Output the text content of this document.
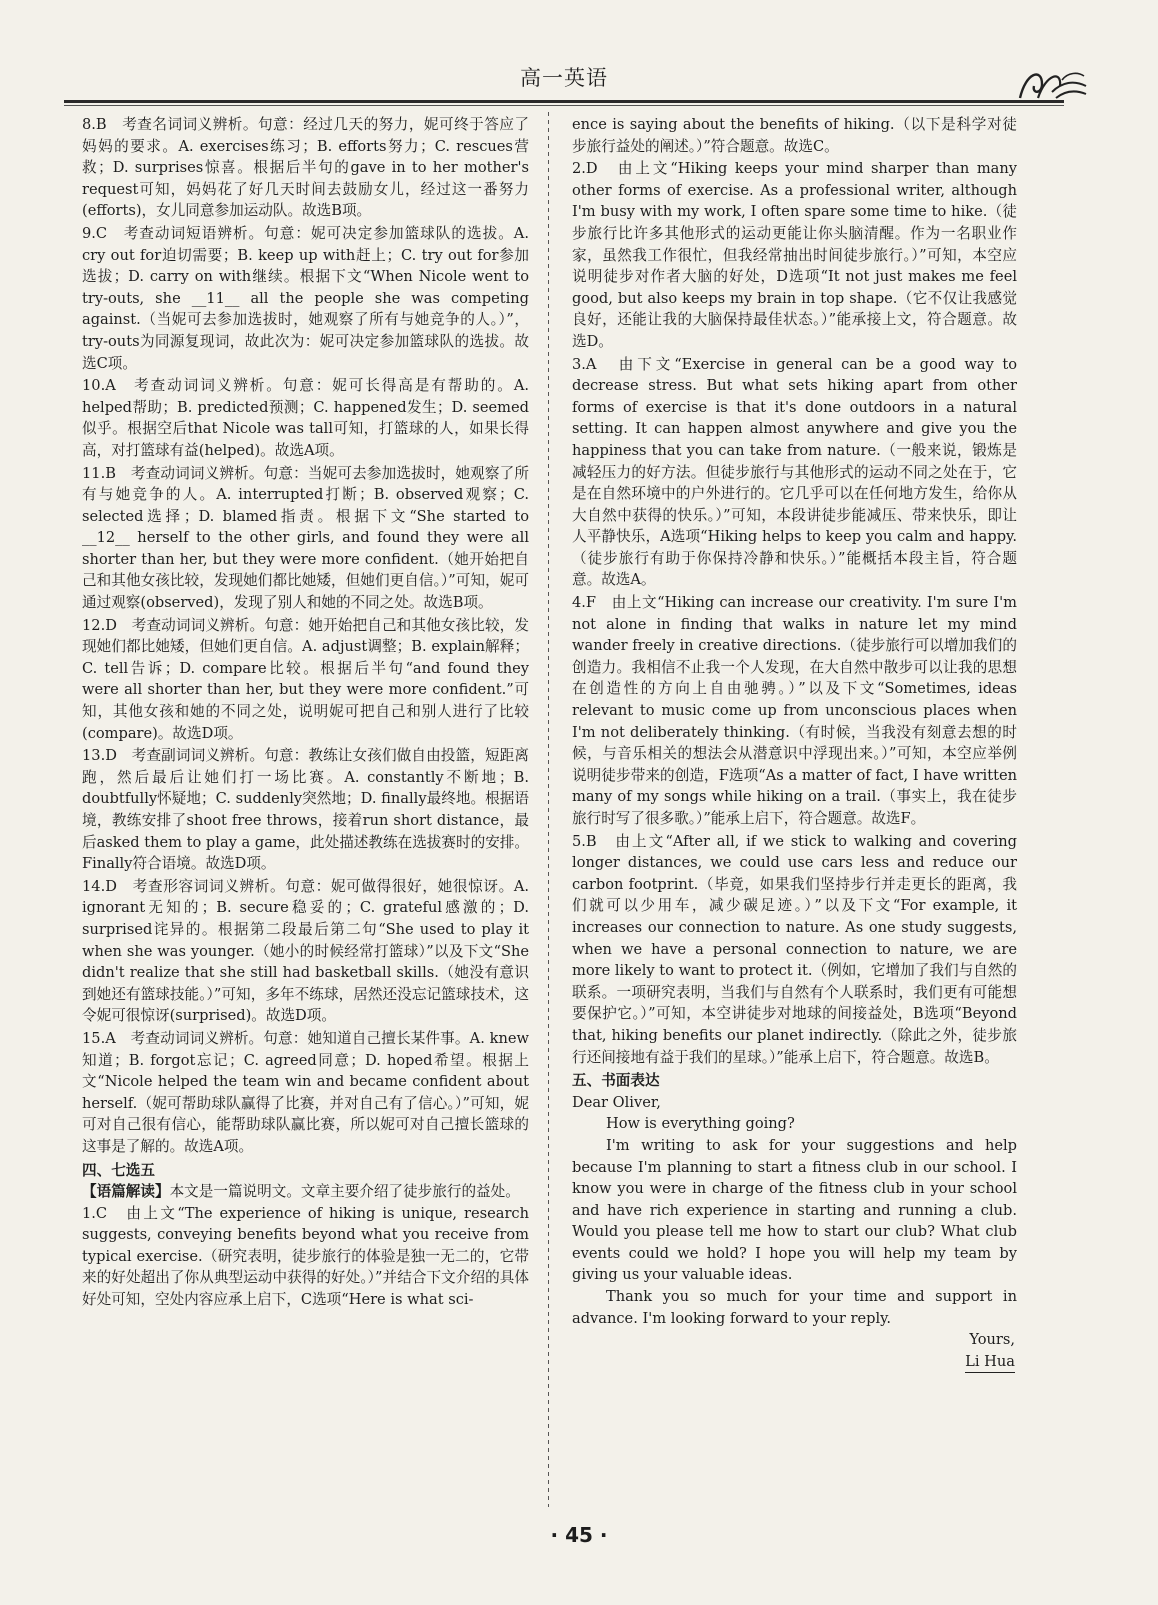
高一英语
8.B　考查名词词义辨析。句意：经过几天的努力，妮可终于答应了妈妈的要求。A. exercises练习；B. efforts努力；C. rescues营救；D. surprises惊喜。根据后半句的gave in to her mother's request可知，妈妈花了好几天时间去鼓励女儿，经过这一番努力(efforts)，女儿同意参加运动队。故选B项。
9.C　考查动词短语辨析。句意：妮可决定参加篮球队的选拔。A. cry out for迫切需要；B. keep up with赶上；C. try out for参加选拔；D. carry on with继续。根据下文“When Nicole went to try-outs, she __11__ all the people she was competing against.（当妮可去参加选拔时，她观察了所有与她竞争的人。）”，try-outs为同源复现词，故此次为：妮可决定参加篮球队的选拔。故选C项。
10.A　考查动词词义辨析。句意：妮可长得高是有帮助的。A. helped帮助；B. predicted预测；C. happened发生；D. seemed似乎。根据空后that Nicole was tall可知，打篮球的人，如果长得高，对打篮球有益(helped)。故选A项。
11.B　考查动词词义辨析。句意：当妮可去参加选拔时，她观察了所有与她竞争的人。A. interrupted打断；B. observed观察；C. selected选择；D. blamed指责。根据下文“She started to __12__ herself to the other girls, and found they were all shorter than her, but they were more confident.（她开始把自己和其他女孩比较，发现她们都比她矮，但她们更自信。）”可知，妮可通过观察(observed)，发现了别人和她的不同之处。故选B项。
12.D　考查动词词义辨析。句意：她开始把自己和其他女孩比较，发现她们都比她矮，但她们更自信。A. adjust调整；B. explain解释；C. tell告诉；D. compare比较。根据后半句“and found they were all shorter than her, but they were more confident.”可知，其他女孩和她的不同之处，说明妮可把自己和别人进行了比较(compare)。故选D项。
13.D　考查副词词义辨析。句意：教练让女孩们做自由投篮，短距离跑，然后最后让她们打一场比赛。A. constantly不断地；B. doubtfully怀疑地；C. suddenly突然地；D. finally最终地。根据语境，教练安排了shoot free throws，接着run short distance，最后asked them to play a game，此处描述教练在选拔赛时的安排。Finally符合语境。故选D项。
14.D　考查形容词词义辨析。句意：妮可做得很好，她很惊讶。A. ignorant无知的；B. secure稳妥的；C. grateful感激的；D. surprised诧异的。根据第二段最后第二句“She used to play it when she was younger.（她小的时候经常打篮球）”以及下文“She didn't realize that she still had basketball skills.（她没有意识到她还有篮球技能。）”可知，多年不练球，居然还没忘记篮球技术，这令妮可很惊讶(surprised)。故选D项。
15.A　考查动词词义辨析。句意：她知道自己擅长某件事。A. knew知道；B. forgot忘记；C. agreed同意；D. hoped希望。根据上文“Nicole helped the team win and became confident about herself.（妮可帮助球队赢得了比赛，并对自己有了信心。）”可知，妮可对自己很有信心，能帮助球队赢比赛，所以妮可对自己擅长篮球的这事是了解的。故选A项。
四、七选五
【语篇解读】本文是一篇说明文。文章主要介绍了徒步旅行的益处。
1.C　由上文“The experience of hiking is unique, research suggests, conveying benefits beyond what you receive from typical exercise.（研究表明，徒步旅行的体验是独一无二的，它带来的好处超出了你从典型运动中获得的好处。）”并结合下文介绍的具体好处可知，空处内容应承上启下，C选项“Here is what sci-
ence is saying about the benefits of hiking.（以下是科学对徒步旅行益处的阐述。）”符合题意。故选C。
2.D　由上文“Hiking keeps your mind sharper than many other forms of exercise. As a professional writer, although I'm busy with my work, I often spare some time to hike.（徒步旅行比许多其他形式的运动更能让你头脑清醒。作为一名职业作家，虽然我工作很忙，但我经常抽出时间徒步旅行。）”可知，本空应说明徒步对作者大脑的好处，D选项“It not just makes me feel good, but also keeps my brain in top shape.（它不仅让我感觉良好，还能让我的大脑保持最佳状态。）”能承接上文，符合题意。故选D。
3.A　由下文“Exercise in general can be a good way to decrease stress. But what sets hiking apart from other forms of exercise is that it's done outdoors in a natural setting. It can happen almost anywhere and give you the happiness that you can take from nature.（一般来说，锻炼是减轻压力的好方法。但徒步旅行与其他形式的运动不同之处在于，它是在自然环境中的户外进行的。它几乎可以在任何地方发生，给你从大自然中获得的快乐。）”可知，本段讲徒步能减压、带来快乐，即让人平静快乐，A选项“Hiking helps to keep you calm and happy.（徒步旅行有助于你保持冷静和快乐。）”能概括本段主旨，符合题意。故选A。
4.F　由上文“Hiking can increase our creativity. I'm sure I'm not alone in finding that walks in nature let my mind wander freely in creative directions.（徒步旅行可以增加我们的创造力。我相信不止我一个人发现，在大自然中散步可以让我的思想在创造性的方向上自由驰骋。）”以及下文“Sometimes, ideas relevant to music come up from unconscious places when I'm not deliberately thinking.（有时候，当我没有刻意去想的时候，与音乐相关的想法会从潜意识中浮现出来。）”可知，本空应举例说明徒步带来的创造，F选项“As a matter of fact, I have written many of my songs while hiking on a trail.（事实上，我在徒步旅行时写了很多歌。）”能承上启下，符合题意。故选F。
5.B　由上文“After all, if we stick to walking and covering longer distances, we could use cars less and reduce our carbon footprint.（毕竟，如果我们坚持步行并走更长的距离，我们就可以少用车，减少碳足迹。）”以及下文“For example, it increases our connection to nature. As one study suggests, when we have a personal connection to nature, we are more likely to want to protect it.（例如，它增加了我们与自然的联系。一项研究表明，当我们与自然有个人联系时，我们更有可能想要保护它。）”可知，本空讲徒步对地球的间接益处，B选项“Beyond that, hiking benefits our planet indirectly.（除此之外，徒步旅行还间接地有益于我们的星球。）”能承上启下，符合题意。故选B。
五、书面表达
Dear Oliver,
How is everything going?
I'm writing to ask for your suggestions and help because I'm planning to start a fitness club in our school. I know you were in charge of the fitness club in your school and have rich experience in starting and running a club. Would you please tell me how to start our club? What club events could we hold? I hope you will help my team by giving us your valuable ideas.
Thank you so much for your time and support in advance. I'm looking forward to your reply.
Yours,
Li Hua
· 45 ·
